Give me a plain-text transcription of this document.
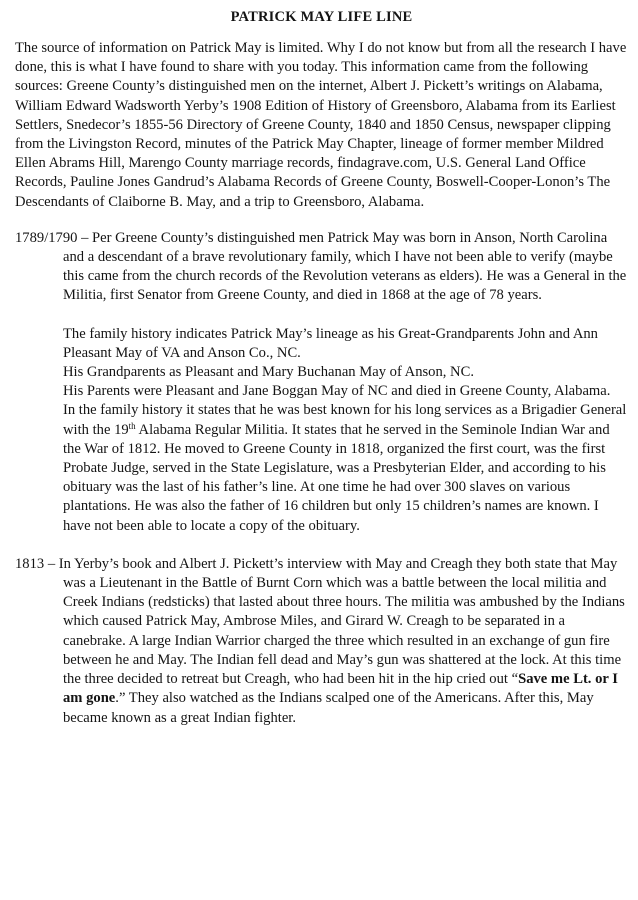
PATRICK MAY LIFE LINE

The source of information on Patrick May is limited. Why I do not know but from all the research I have done, this is what I have found to share with you today. This information came from the following sources: Greene County’s distinguished men on the internet, Albert J. Pickett’s writings on Alabama, William Edward Wadsworth Yerby’s 1908 Edition of History of Greensboro, Alabama from its Earliest Settlers, Snedecor’s 1855-56 Directory of Greene County, 1840 and 1850 Census, newspaper clipping from the Livingston Record, minutes of the Patrick May Chapter, lineage of former member Mildred Ellen Abrams Hill, Marengo County marriage records, findagrave.com, U.S. General Land Office Records, Pauline Jones Gandrud’s Alabama Records of Greene County, Boswell-Cooper-Lonon’s The Descendants of Claiborne B. May, and a trip to Greensboro, Alabama.

1789/1790 – Per Greene County’s distinguished men Patrick May was born in Anson, North Carolina and a descendant of a brave revolutionary family, which I have not been able to verify (maybe this came from the church records of the Revolution veterans as elders). He was a General in the Militia, first Senator from Greene County, and died in 1868 at the age of 78 years.

The family history indicates Patrick May’s lineage as his Great-Grandparents John and Ann Pleasant May of VA and Anson Co., NC.
His Grandparents as Pleasant and Mary Buchanan May of Anson, NC.
His Parents were Pleasant and Jane Boggan May of NC and died in Greene County, Alabama.
In the family history it states that he was best known for his long services as a Brigadier General with the 19th Alabama Regular Militia. It states that he served in the Seminole Indian War and the War of 1812. He moved to Greene County in 1818, organized the first court, was the first Probate Judge, served in the State Legislature, was a Presbyterian Elder, and according to his obituary was the last of his father’s line. At one time he had over 300 slaves on various plantations. He was also the father of 16 children but only 15 children’s names are known. I have not been able to locate a copy of the obituary.

1813 – In Yerby’s book and Albert J. Pickett’s interview with May and Creagh they both state that May was a Lieutenant in the Battle of Burnt Corn which was a battle between the local militia and Creek Indians (redsticks) that lasted about three hours. The militia was ambushed by the Indians which caused Patrick May, Ambrose Miles, and Girard W. Creagh to be separated in a canebrake. A large Indian Warrior charged the three which resulted in an exchange of gun fire between he and May. The Indian fell dead and May’s gun was shattered at the lock. At this time the three decided to retreat but Creagh, who had been hit in the hip cried out “Save me Lt. or I am gone.” They also watched as the Indians scalped one of the Americans. After this, May became known as a great Indian fighter.
